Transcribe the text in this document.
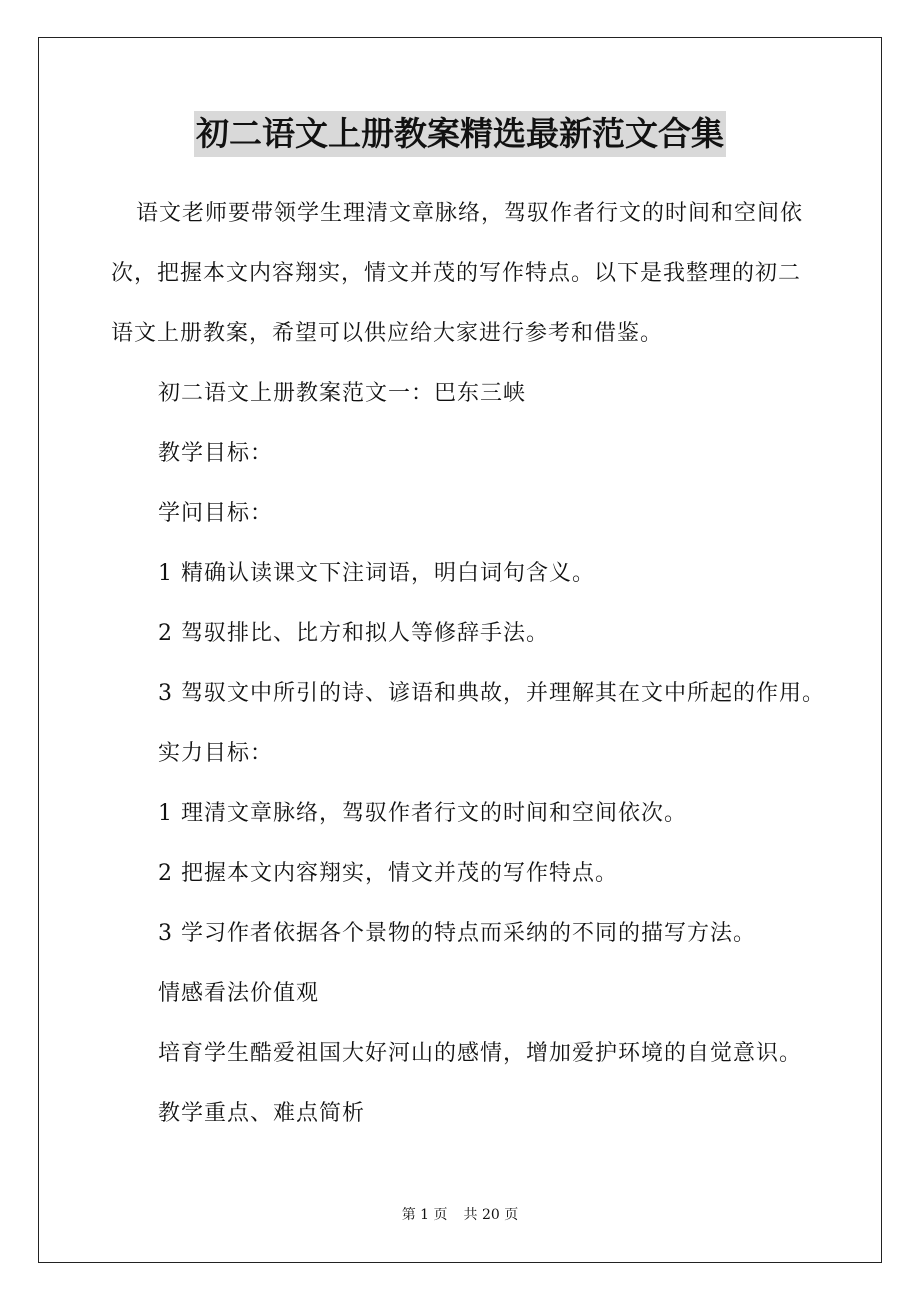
初二语文上册教案精选最新范文合集
语文老师要带领学生理清文章脉络，驾驭作者行文的时间和空间依
次，把握本文内容翔实，情文并茂的写作特点。以下是我整理的初二
语文上册教案，希望可以供应给大家进行参考和借鉴。
初二语文上册教案范文一：巴东三峡
教学目标：
学问目标：
1 精确认读课文下注词语，明白词句含义。
2 驾驭排比、比方和拟人等修辞手法。
3 驾驭文中所引的诗、谚语和典故，并理解其在文中所起的作用。
实力目标：
1 理清文章脉络，驾驭作者行文的时间和空间依次。
2 把握本文内容翔实，情文并茂的写作特点。
3 学习作者依据各个景物的特点而采纳的不同的描写方法。
情感看法价值观
培育学生酷爱祖国大好河山的感情，增加爱护环境的自觉意识。
教学重点、难点简析
第 1 页 共 20 页
